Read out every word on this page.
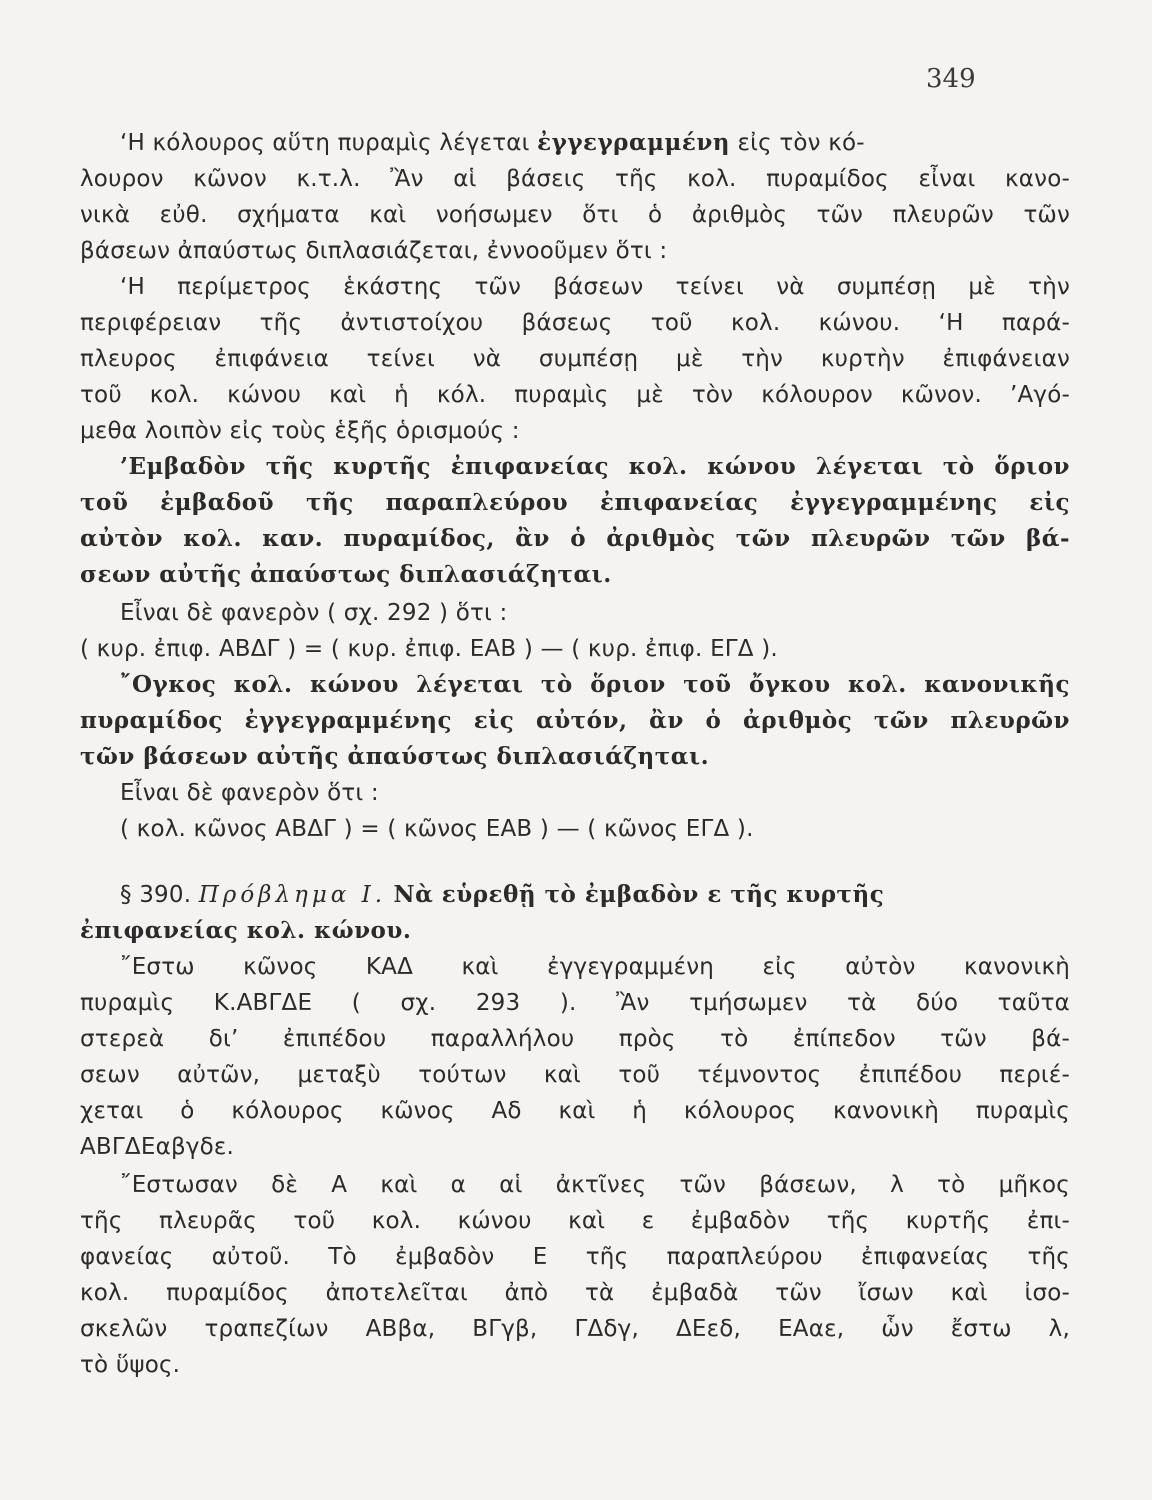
349
‘Η κόλουρος αὕτη πυραμὶς λέγεται ἐγγεγραμμένη εἰς τὸν κό-
λουρον κῶνον κ.τ.λ. Ἂν αἱ βάσεις τῆς κολ. πυραμίδος εἶναι κανο-
νικὰ εὐθ. σχήματα καὶ νοήσωμεν ὅτι ὁ ἀριθμὸς τῶν πλευρῶν τῶν
βάσεων ἀπαύστως διπλασιάζεται, ἐννοοῦμεν ὅτι :
‘Η περίμετρος ἑκάστης τῶν βάσεων τείνει νὰ συμπέσῃ μὲ τὴν
περιφέρειαν τῆς ἀντιστοίχου βάσεως τοῦ κολ. κώνου. ‘Η παρά-
πλευρος ἐπιφάνεια τείνει νὰ συμπέσῃ μὲ τὴν κυρτὴν ἐπιφάνειαν
τοῦ κολ. κώνου καὶ ἡ κόλ. πυραμὶς μὲ τὸν κόλουρον κῶνον. ’Αγό-
μεθα λοιπὸν εἰς τοὺς ἑξῆς ὁρισμούς :
’Εμβαδὸν τῆς κυρτῆς ἐπιφανείας κολ. κώνου λέγεται τὸ ὅριον
τοῦ ἐμβαδοῦ τῆς παραπλεύρου ἐπιφανείας ἐγγεγραμμένης εἰς
αὐτὸν κολ. καν. πυραμίδος, ἂν ὁ ἀριθμὸς τῶν πλευρῶν τῶν βά-
σεων αὐτῆς ἀπαύστως διπλασιάζηται.
Εἶναι δὲ φανερὸν ( σχ. 292 ) ὅτι :
( κυρ. ἐπιφ. ΑΒΔΓ ) = ( κυρ. ἐπιφ. ΕΑΒ ) — ( κυρ. ἐπιφ. ΕΓΔ ).
῎Ογκος κολ. κώνου λέγεται τὸ ὅριον τοῦ ὄγκου κολ. κανονικῆς
πυραμίδος ἐγγεγραμμένης εἰς αὐτόν, ἂν ὁ ἀριθμὸς τῶν πλευρῶν
τῶν βάσεων αὐτῆς ἀπαύστως διπλασιάζηται.
Εἶναι δὲ φανερὸν ὅτι :
( κολ. κῶνος ΑΒΔΓ ) = ( κῶνος ΕΑΒ ) — ( κῶνος ΕΓΔ ).
§ 390. Πρόβλημα Ι. Νὰ εὑρεθῇ τὸ ἐμβαδὸν ε τῆς κυρτῆς
ἐπιφανείας κολ. κώνου.
῎Εστω κῶνος ΚΑΔ καὶ ἐγγεγραμμένη εἰς αὐτὸν κανονικὴ
πυραμὶς Κ.ΑΒΓΔΕ ( σχ. 293 ). Ἂν τμήσωμεν τὰ δύο ταῦτα
στερεὰ δι’ ἐπιπέδου παραλλήλου πρὸς τὸ ἐπίπεδον τῶν βά-
σεων αὐτῶν, μεταξὺ τούτων καὶ τοῦ τέμνοντος ἐπιπέδου περιέ-
χεται ὁ κόλουρος κῶνος Αδ καὶ ἡ κόλουρος κανονικὴ πυραμὶς
ΑΒΓΔΕαβγδε.
῎Εστωσαν δὲ Α καὶ α αἱ ἀκτῖνες τῶν βάσεων, λ τὸ μῆκος
τῆς πλευρᾶς τοῦ κολ. κώνου καὶ ε ἐμβαδὸν τῆς κυρτῆς ἐπι-
φανείας αὐτοῦ. Τὸ ἐμβαδὸν Ε τῆς παραπλεύρου ἐπιφανείας τῆς
κολ. πυραμίδος ἀποτελεῖται ἀπὸ τὰ ἐμβαδὰ τῶν ἴσων καὶ ἰσο-
σκελῶν τραπεζίων ΑΒβα, ΒΓγβ, ΓΔδγ, ΔΕεδ, ΕΑαε, ὧν ἔστω λ,
τὸ ὕψος.
